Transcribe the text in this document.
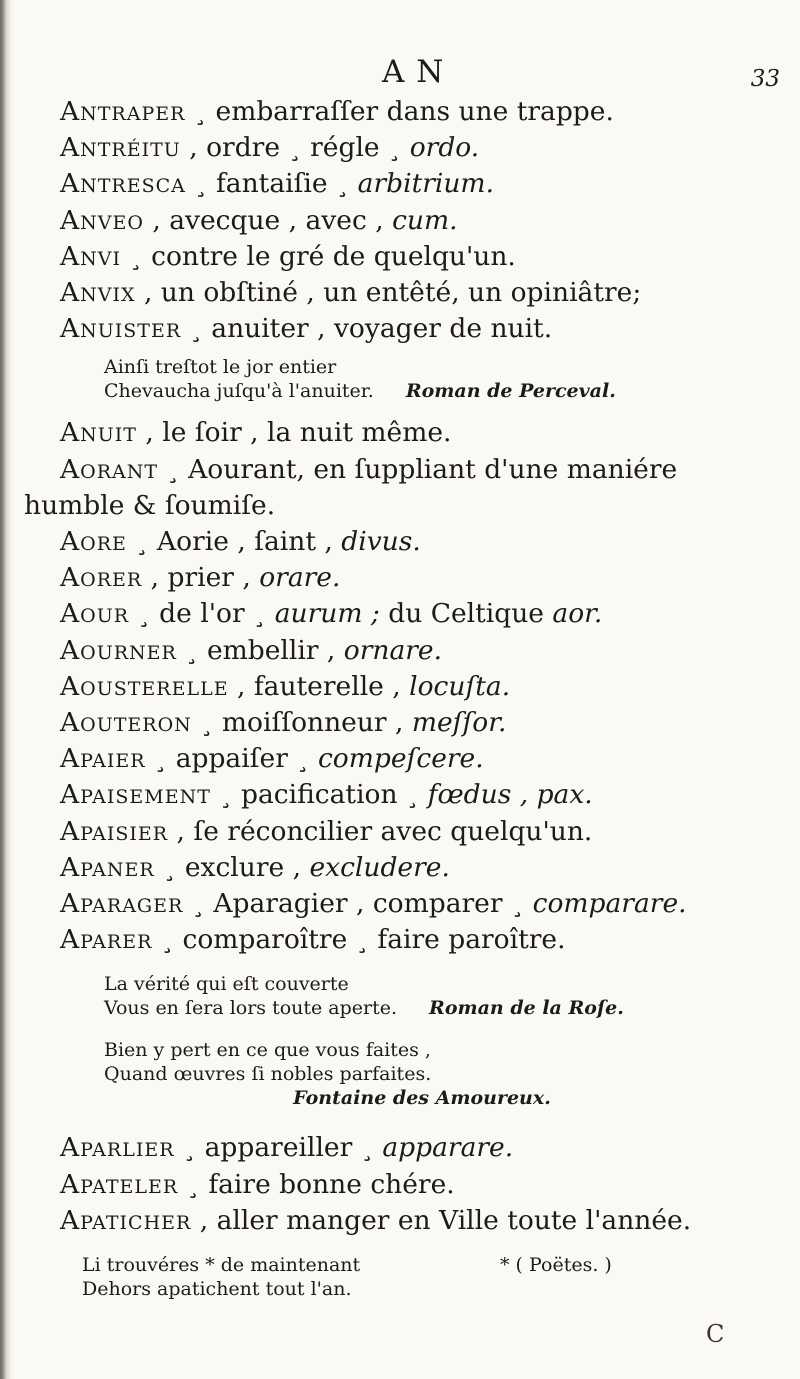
A N	33
Antraper ¸ embarraſſer dans une trappe.
Antréitu , ordre ¸ régle ¸ ordo.
Antresca ¸ fantaiſie ¸ arbitrium.
Anveo , avecque , avec , cum.
Anvi ¸ contre le gré de quelqu'un.
Anvix , un obſtiné , un entêté, un opiniâtre;
Anuister ¸ anuiter , voyager de nuit.
Ainſi treſtot le jor entier
Chevaucha juſqu'à l'anuiter. Roman de Perceval.
Anuit , le ſoir , la nuit même.
Aorant ¸ Aourant, en ſuppliant d'une maniére
humble & ſoumiſe.
Aore ¸ Aorie , ſaint , divus.
Aorer , prier , orare.
Aour ¸ de l'or ¸ aurum ; du Celtique aor.
Aourner ¸ embellir , ornare.
Aousterelle , fauterelle , locuſta.
Aouteron ¸ moiſſonneur , meſſor.
Apaier ¸ appaiſer ¸ compeſcere.
Apaisement ¸ pacification ¸ fœdus , pax.
Apaisier , ſe réconcilier avec quelqu'un.
Apaner ¸ exclure , excludere.
Aparager ¸ Aparagier , comparer ¸ comparare.
Aparer ¸ comparoître ¸ faire paroître.
La vérité qui eſt couverte
Vous en ſera lors toute aperte. Roman de la Roſe.
Bien y pert en ce que vous faites ,
Quand œuvres ſi nobles parfaites.
Fontaine des Amoureux.
Aparlier ¸ appareiller ¸ apparare.
Apateler ¸ faire bonne chére.
Apaticher , aller manger en Ville toute l'année.
Li trouvéres * de maintenant
Dehors apatichent tout l'an.
* ( Poëtes. )
C
